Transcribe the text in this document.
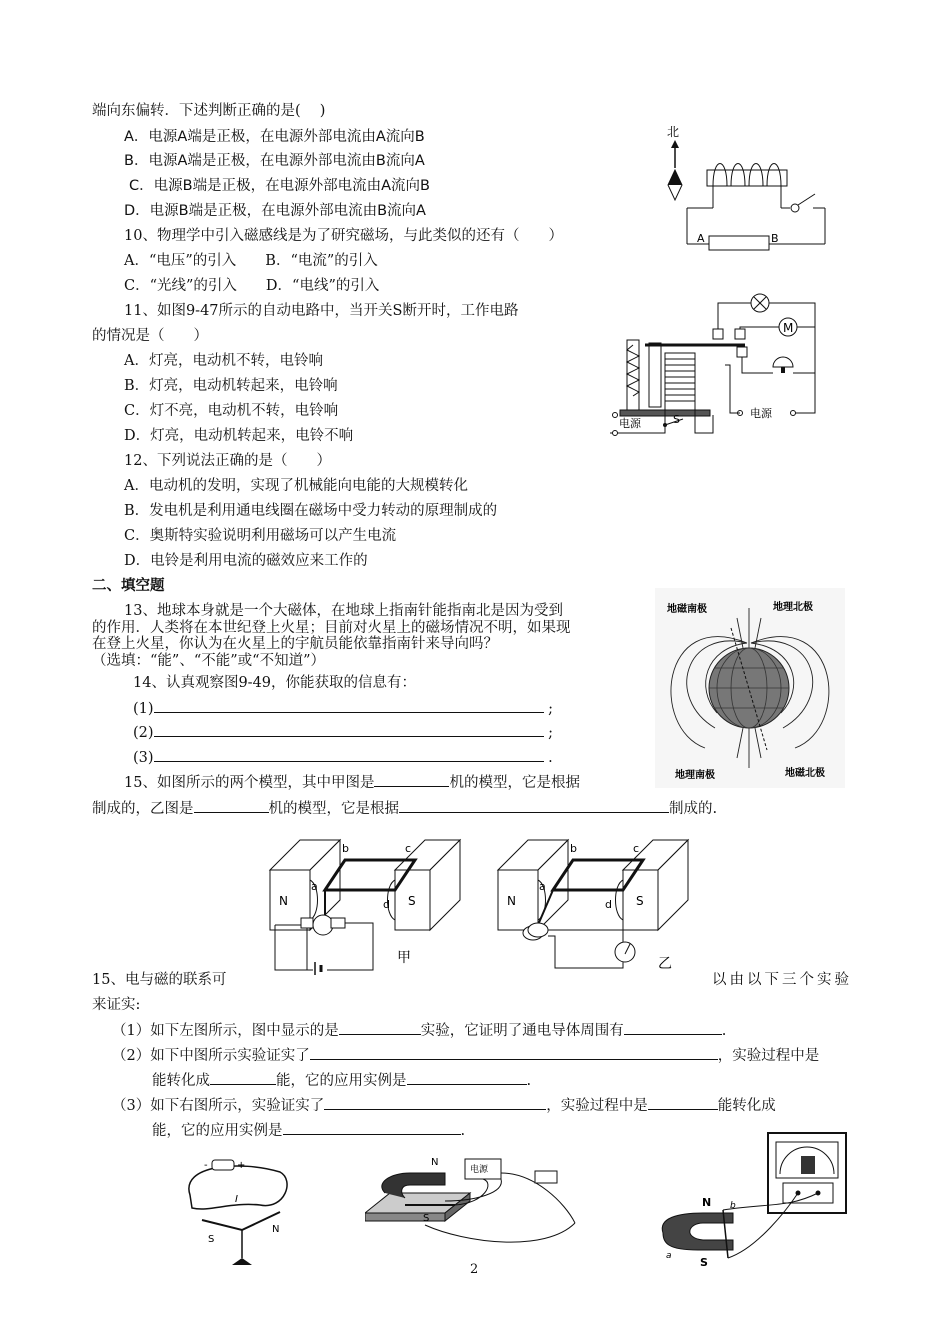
端向东偏转．下述判断正确的是(　 )
A．电源A端是正极，在电源外部电流由A流向B
B．电源A端是正极，在电源外部电流由B流向A
C．电源B端是正极，在电源外部电流由A流向B
D．电源B端是正极，在电源外部电流由B流向A
北
A	B
10、物理学中引入磁感线是为了研究磁场，与此类似的还有（　　）
A．“电压”的引入　　B．“电流”的引入
C．“光线”的引入　　D．“电线”的引入
11、如图9-47所示的自动电路中，当开关S断开时，工作电路
的情况是（　　）
A．灯亮，电动机不转，电铃响
B．灯亮，电动机转起来，电铃响
C．灯不亮，电动机不转，电铃响
D．灯亮，电动机转起来，电铃不响
M
电源
电源	S
12、下列说法正确的是（　　）
A．电动机的发明，实现了机械能向电能的大规模转化
B．发电机是利用通电线圈在磁场中受力转动的原理制成的
C．奥斯特实验说明利用磁场可以产生电流
D．电铃是利用电流的磁效应来工作的
二、填空题
13、地球本身就是一个大磁体，在地球上指南针能指南北是因为受到
的作用．人类将在本世纪登上火星；目前对火星上的磁场情况不明，如果现
在登上火星，你认为在火星上的宇航员能依靠指南针来导向吗？
（选填：“能”、“不能”或“不知道”）
地磁南极	地理北极
地理南极	地磁北极
14、认真观察图9-49，你能获取的信息有：
(1)	;
(2)	;
(3)	.
15、如图所示的两个模型，其中甲图是	机的模型，它是根据
制成的，乙图是	机的模型，它是根据	制成的.
N	S
a
b	c
d
甲
N	S
a
b	c
d
乙
15、电与磁的联系可	以由以下三个实验
来证实:
（1）如下左图所示，图中显示的是	实验，它证明了通电导体周围有	.
（2）如下中图所示实验证实了	，实验过程中是
能转化成	能，它的应用实例是	.
（3）如下右图所示，实验证实了	，实验过程中是	能转化成
能，它的应用实例是	.
-	+
I
S
N
电源
N
S
N
S
a
b
2
